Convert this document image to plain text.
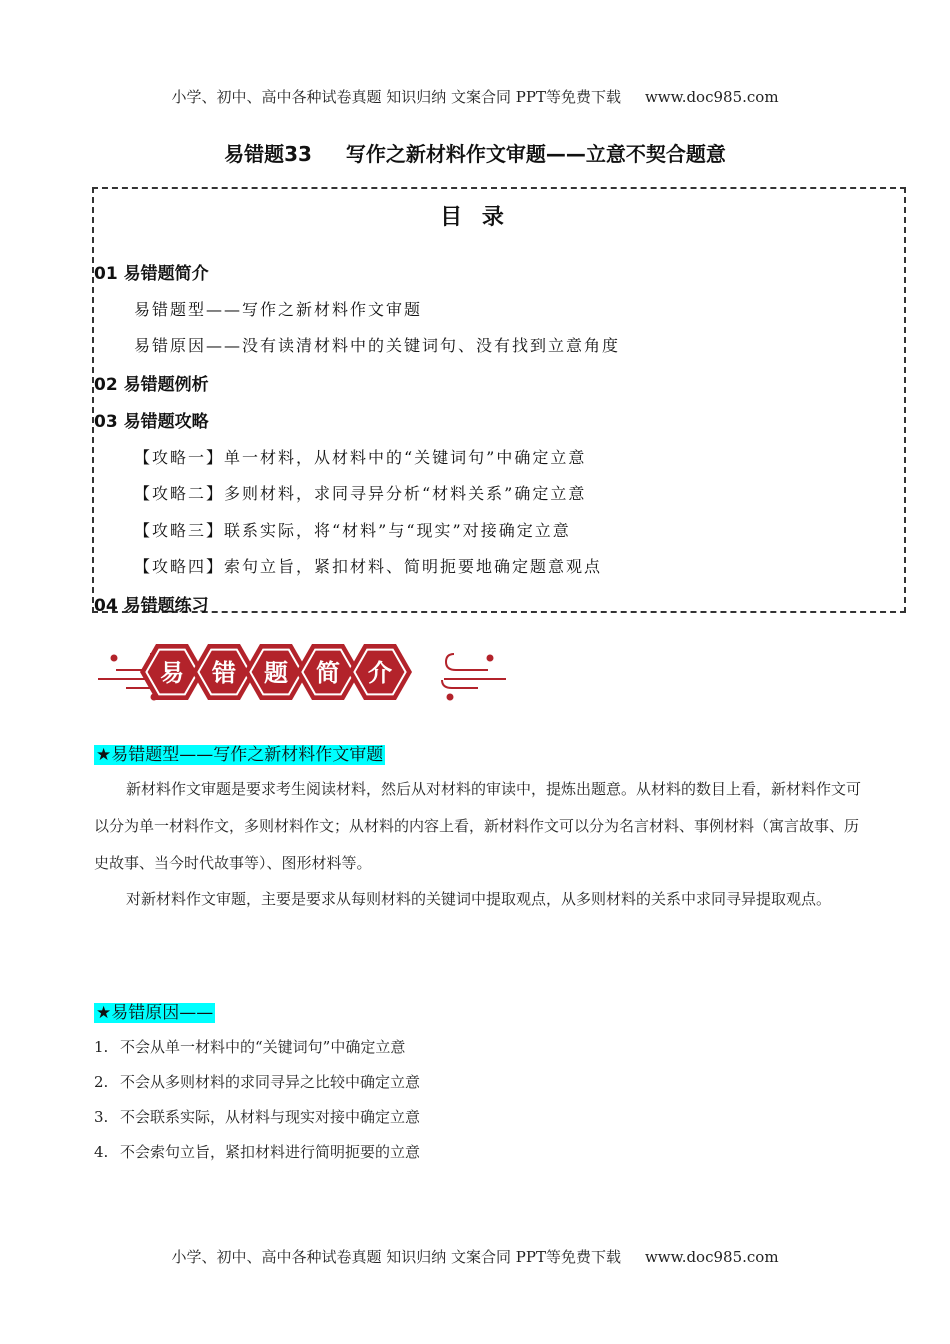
小学、初中、高中各种试卷真题 知识归纳 文案合同 PPT等免费下载 www.doc985.com
易错题33 写作之新材料作文审题——立意不契合题意
目 录
01 易错题简介
易错题型——写作之新材料作文审题
易错原因——没有读清材料中的关键词句、没有找到立意角度
02 易错题例析
03 易错题攻略
【攻略一】单一材料，从材料中的“关键词句”中确定立意
【攻略二】多则材料，求同寻异分析“材料关系”确定立意
【攻略三】联系实际，将“材料”与“现实”对接确定立意
【攻略四】索句立旨，紧扣材料、简明扼要地确定题意观点
04 易错题练习
易 错 题 简 介
★易错题型——写作之新材料作文审题
新材料作文审题是要求考生阅读材料，然后从对材料的审读中，提炼出题意。从材料的数目上看，新材料作文可以分为单一材料作文，多则材料作文；从材料的内容上看，新材料作文可以分为名言材料、事例材料（寓言故事、历史故事、当今时代故事等）、图形材料等。
对新材料作文审题，主要是要求从每则材料的关键词中提取观点，从多则材料的关系中求同寻异提取观点。
★易错原因——
1. 不会从单一材料中的“关键词句”中确定立意
2. 不会从多则材料的求同寻异之比较中确定立意
3. 不会联系实际，从材料与现实对接中确定立意
4. 不会索句立旨，紧扣材料进行简明扼要的立意
小学、初中、高中各种试卷真题 知识归纳 文案合同 PPT等免费下载 www.doc985.com
